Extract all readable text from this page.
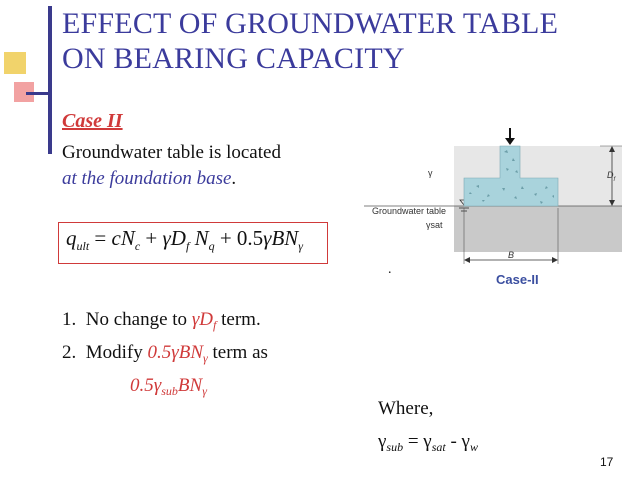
EFFECT OF GROUNDWATER TABLE
ON BEARING CAPACITY
Case II
Groundwater table is located
at the foundation base.
$q_{ult} = cN_c + \gamma D_f$ $N_q + 0.5\gamma BN_\gamma$
1. No change to $\gamma D_f$ term.
2. Modify 0.5γBN$_\gamma$ term as
$0.5\gamma_{sub}BN_\gamma$
Where,
$\gamma_{sub} = \gamma_{sat} - \gamma_w$
.
$D_f$
B
γ
Groundwater table
γsat
Case-II
17
